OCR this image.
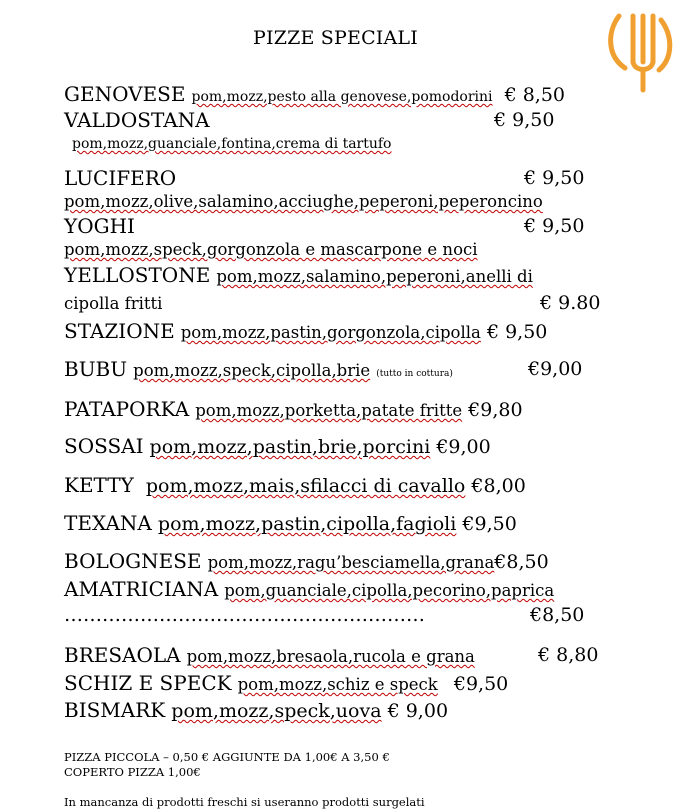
PIZZE SPECIALI
GENOVESE pom,mozz,pesto alla genovese,pomodorini € 8,50
VALDOSTANA	€ 9,50
pom,mozz,guanciale,fontina,crema di tartufo
LUCIFERO	€ 9,50
pom,mozz,olive,salamino,acciughe,peperoni,peperoncino
YOGHI	€ 9,50
pom,mozz,speck,gorgonzola e mascarpone e noci
YELLOSTONE pom,mozz,salamino,peperoni,anelli di
cipolla fritti	€ 9.80
STAZIONE pom,mozz,pastin,gorgonzola,cipolla € 9,50
BUBU pom,mozz,speck,cipolla,brie (tutto in cottura)	€9,00
PATAPORKA pom,mozz,porketta,patate fritte €9,80
SOSSAI pom,mozz,pastin,brie,porcini €9,00
KETTY pom,mozz,mais,sfilacci di cavallo €8,00
TEXANA pom,mozz,pastin,cipolla,fagioli €9,50
BOLOGNESE pom,mozz,ragu’besciamella,grana€8,50
AMATRICIANA pom,guanciale,cipolla,pecorino,paprica
…………………………………………………	€8,50
BRESAOLA pom,mozz,bresaola,rucola e grana	€ 8,80
SCHIZ E SPECK pom,mozz,schiz e speck €9,50
BISMARK pom,mozz,speck,uova € 9,00
PIZZA PICCOLA – 0,50 € AGGIUNTE DA 1,00€ A 3,50 €
COPERTO PIZZA 1,00€
In mancanza di prodotti freschi si useranno prodotti surgelati
